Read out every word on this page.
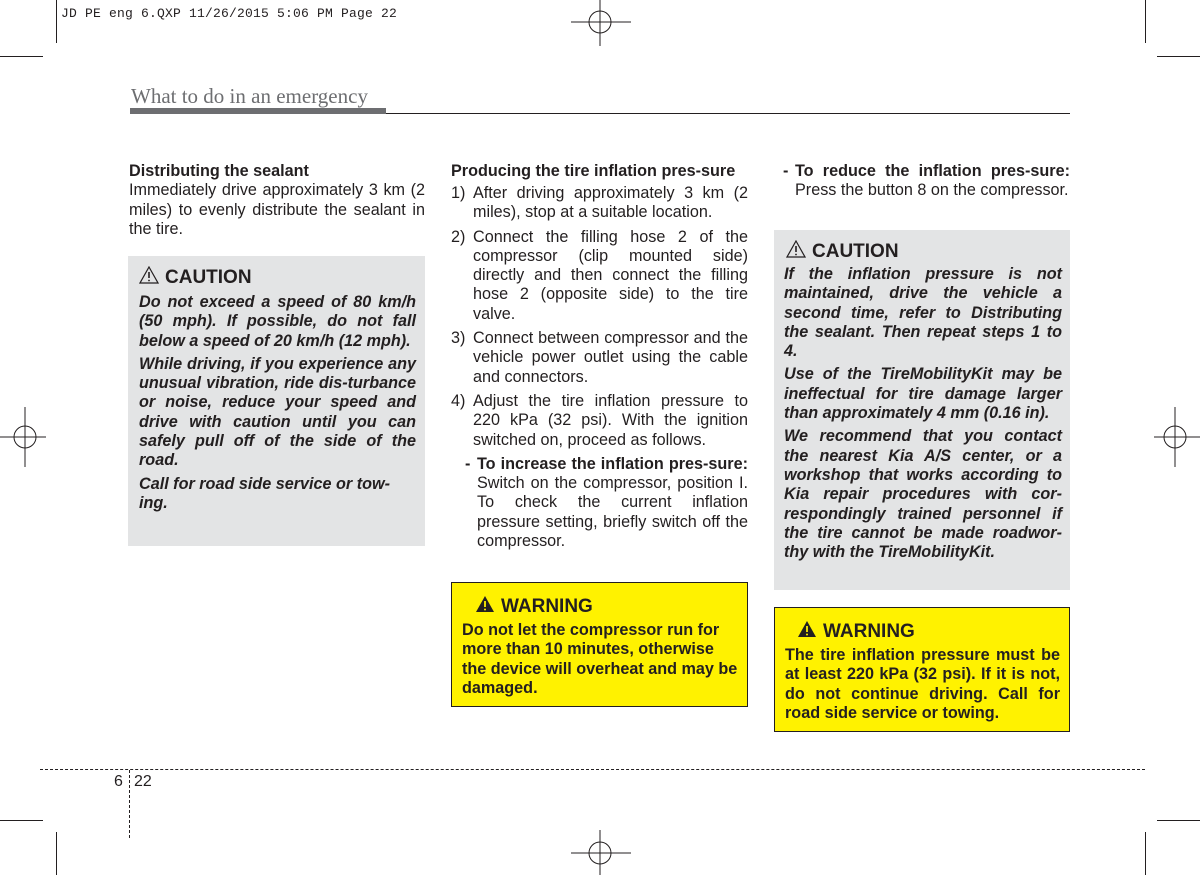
JD PE eng 6.QXP 11/26/2015 5:06 PM Page 22
What to do in an emergency

Distributing the sealant

Immediately drive approximately 3 km (2 miles) to evenly distribute the sealant in the tire.

CAUTION
Do not exceed a speed of 80 km/h (50 mph). If possible, do not fall below a speed of 20 km/h (12 mph).
While driving, if you experience any unusual vibration, ride dis-turbance or noise, reduce your speed and drive with caution until you can safely pull off of the side of the road.
Call for road side service or tow-ing.

Producing the tire inflation pres-sure

1) After driving approximately 3 km (2 miles), stop at a suitable location.
2) Connect the filling hose 2 of the compressor (clip mounted side) directly and then connect the filling hose 2 (opposite side) to the tire valve.
3) Connect between compressor and the vehicle power outlet using the cable and connectors.
4) Adjust the tire inflation pressure to 220 kPa (32 psi). With the ignition switched on, proceed as follows.
- To increase the inflation pres-sure: Switch on the compressor, position I. To check the current inflation pressure setting, briefly switch off the compressor.
WARNING
Do not let the compressor run for more than 10 minutes, otherwise the device will overheat and may be damaged.
- To reduce the inflation pres-sure: Press the button 8 on the compressor.
CAUTION
If the inflation pressure is not maintained, drive the vehicle a second time, refer to Distributing the sealant. Then repeat steps 1 to 4.
Use of the TireMobilityKit may be ineffectual for tire damage larger than approximately 4 mm (0.16 in).
We recommend that you contact the nearest Kia A/S center, or a workshop that works according to Kia repair procedures with cor-respondingly trained personnel if the tire cannot be made roadwor-thy with the TireMobilityKit.
WARNING
The tire inflation pressure must be at least 220 kPa (32 psi). If it is not, do not continue driving. Call for road side service or towing.
6 22
